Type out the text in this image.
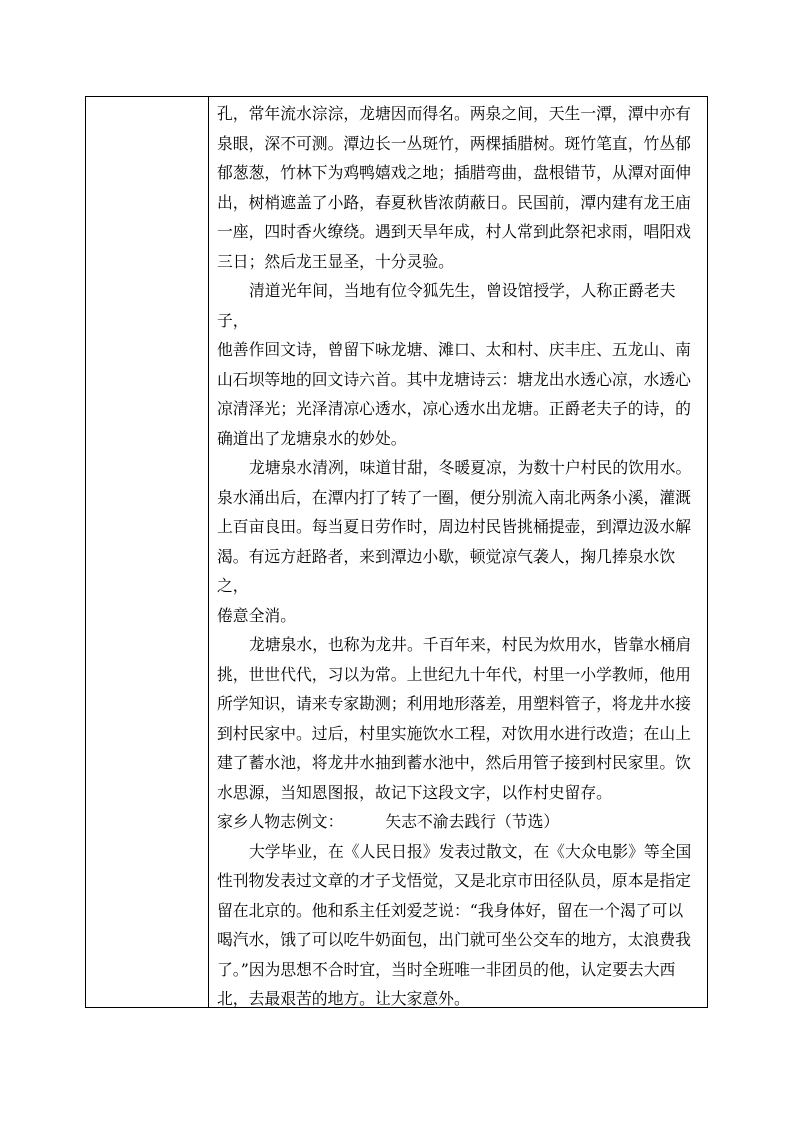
孔，常年流水淙淙，龙塘因而得名。两泉之间，天生一潭，潭中亦有

泉眼，深不可测。潭边长一丛斑竹，两棵插腊树。斑竹笔直，竹丛郁

郁葱葱，竹林下为鸡鸭嬉戏之地；插腊弯曲，盘根错节，从潭对面伸

出，树梢遮盖了小路，春夏秋皆浓荫蔽日。民国前，潭内建有龙王庙

一座，四时香火缭绕。遇到天旱年成，村人常到此祭祀求雨，唱阳戏

三日；然后龙王显圣，十分灵验。

清道光年间，当地有位令狐先生，曾设馆授学，人称正爵老夫子，

他善作回文诗，曾留下咏龙塘、滩口、太和村、庆丰庄、五龙山、南

山石坝等地的回文诗六首。其中龙塘诗云：塘龙出水透心凉，水透心

凉清泽光；光泽清凉心透水，凉心透水出龙塘。正爵老夫子的诗，的

确道出了龙塘泉水的妙处。

龙塘泉水清冽，味道甘甜，冬暖夏凉，为数十户村民的饮用水。

泉水涌出后，在潭内打了转了一圈，便分别流入南北两条小溪，灌溉

上百亩良田。每当夏日劳作时，周边村民皆挑桶提壶，到潭边汲水解

渴。有远方赶路者，来到潭边小歇，顿觉凉气袭人，掬几捧泉水饮之，

倦意全消。

龙塘泉水，也称为龙井。千百年来，村民为炊用水，皆靠水桶肩

挑，世世代代，习以为常。上世纪九十年代，村里一小学教师，他用

所学知识，请来专家勘测；利用地形落差，用塑料管子，将龙井水接

到村民家中。过后，村里实施饮水工程，对饮用水进行改造；在山上

建了蓄水池，将龙井水抽到蓄水池中，然后用管子接到村民家里。饮

水思源，当知恩图报，故记下这段文字，以作村史留存。

家乡人物志例文：	矢志不渝去践行（节选）

大学毕业，在《人民日报》发表过散文，在《大众电影》等全国

性刊物发表过文章的才子戈悟觉，又是北京市田径队员，原本是指定

留在北京的。他和系主任刘爱芝说：“我身体好，留在一个渴了可以

喝汽水，饿了可以吃牛奶面包，出门就可坐公交车的地方，太浪费我

了。”因为思想不合时宜，当时全班唯一非团员的他，认定要去大西

北，去最艰苦的地方。让大家意外。
